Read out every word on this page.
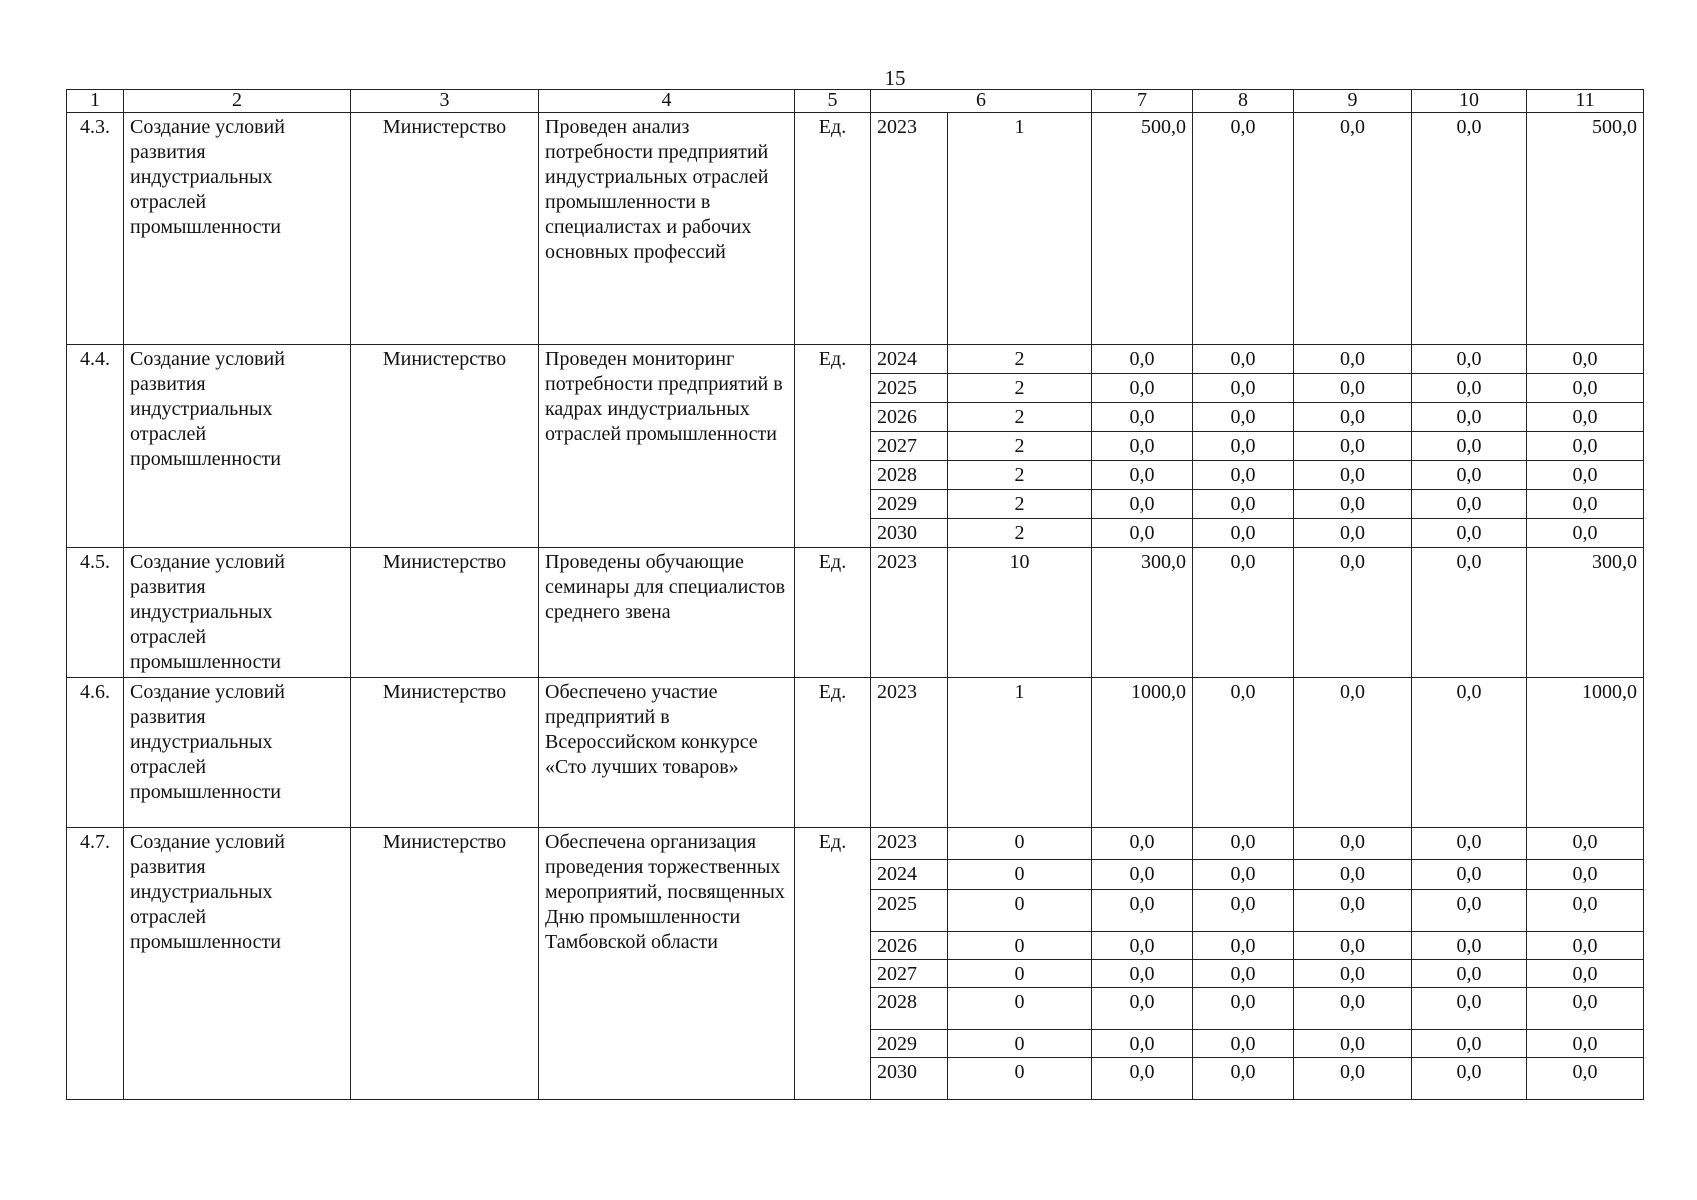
15
1	2	3	4	5	6		7	8	9	10	11
4.3.	Создание условий развития индустриальных отраслей промышленности	Министерство	Проведен анализ потребности предприятий индустриальных отраслей промышленности в специалистах и рабочих основных профессий	Ед.	2023	1	500,0	0,0	0,0	0,0	500,0
4.4.	Создание условий развития индустриальных отраслей промышленности	Министерство	Проведен мониторинг потребности предприятий в кадрах индустриальных отраслей промышленности	Ед.	2024	2	0,0	0,0	0,0	0,0	0,0
					2025	2	0,0	0,0	0,0	0,0	0,0
					2026	2	0,0	0,0	0,0	0,0	0,0
					2027	2	0,0	0,0	0,0	0,0	0,0
					2028	2	0,0	0,0	0,0	0,0	0,0
					2029	2	0,0	0,0	0,0	0,0	0,0
					2030	2	0,0	0,0	0,0	0,0	0,0
4.5.	Создание условий развития индустриальных отраслей промышленности	Министерство	Проведены обучающие семинары для специалистов среднего звена	Ед.	2023	10	300,0	0,0	0,0	0,0	300,0
4.6.	Создание условий развития индустриальных отраслей промышленности	Министерство	Обеспечено участие предприятий в Всероссийском конкурсе «Сто лучших товаров»	Ед.	2023	1	1000,0	0,0	0,0	0,0	1000,0
4.7.	Создание условий развития индустриальных отраслей промышленности	Министерство	Обеспечена организация проведения торжественных мероприятий, посвященных Дню промышленности Тамбовской области	Ед.	2023	0	0,0	0,0	0,0	0,0	0,0
					2024	0	0,0	0,0	0,0	0,0	0,0
					2025	0	0,0	0,0	0,0	0,0	0,0
					2026	0	0,0	0,0	0,0	0,0	0,0
					2027	0	0,0	0,0	0,0	0,0	0,0
					2028	0	0,0	0,0	0,0	0,0	0,0
					2029	0	0,0	0,0	0,0	0,0	0,0
					2030	0	0,0	0,0	0,0	0,0	0,0
